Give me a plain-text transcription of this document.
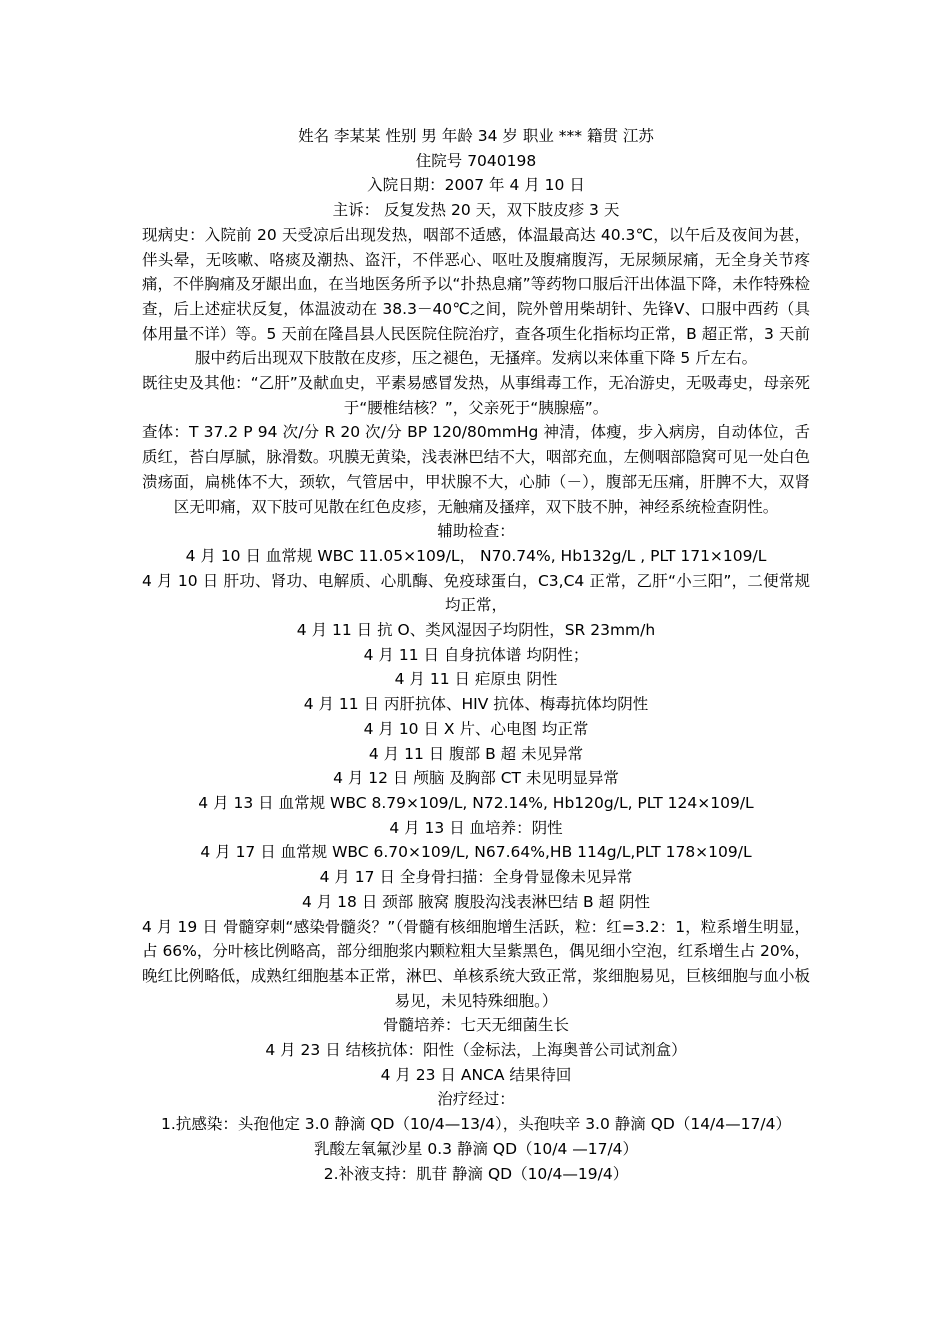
姓名 李某某 性别 男 年龄 34 岁 职业 *** 籍贯 江苏
住院号 7040198
入院日期：2007 年 4 月 10 日
主诉： 反复发热 20 天，双下肢皮疹 3 天
现病史：入院前 20 天受凉后出现发热，咽部不适感，体温最高达 40.3℃，以午后及夜间为甚，伴头晕，无咳嗽、咯痰及潮热、盗汗，不伴恶心、呕吐及腹痛腹泻，无尿频尿痛，无全身关节疼痛，不伴胸痛及牙龈出血，在当地医务所予以“扑热息痛”等药物口服后汗出体温下降，未作特殊检查，后上述症状反复，体温波动在 38.3－40℃之间，院外曾用柴胡针、先锋Ⅴ、口服中西药（具体用量不详）等。5 天前在隆昌县人民医院住院治疗，查各项生化指标均正常，B 超正常，3 天前服中药后出现双下肢散在皮疹，压之褪色，无搔痒。发病以来体重下降 5 斤左右。
既往史及其他：“乙肝”及献血史，平素易感冒发热，从事缉毒工作，无冶游史，无吸毒史，母亲死于“腰椎结核？”，父亲死于“胰腺癌”。
查体：T 37.2 P 94 次/分 R 20 次/分 BP 120/80mmHg 神清，体瘦，步入病房，自动体位，舌质红，苔白厚腻，脉滑数。巩膜无黄染，浅表淋巴结不大，咽部充血，左侧咽部隐窝可见一处白色溃疡面，扁桃体不大，颈软，气管居中，甲状腺不大，心肺（－），腹部无压痛，肝脾不大，双肾区无叩痛，双下肢可见散在红色皮疹，无触痛及搔痒，双下肢不肿，神经系统检查阴性。
辅助检查：
4 月 10 日 血常规 WBC 11.05×109/L， N70.74%, Hb132g/L , PLT 171×109/L
4 月 10 日 肝功、肾功、电解质、心肌酶、免疫球蛋白，C3,C4 正常，乙肝“小三阳”，二便常规均正常，
4 月 11 日 抗 O、类风湿因子均阴性，SR 23mm/h
4 月 11 日 自身抗体谱 均阴性；
4 月 11 日 疟原虫 阴性
4 月 11 日 丙肝抗体、HIV 抗体、梅毒抗体均阴性
4 月 10 日 X 片、心电图 均正常
4 月 11 日 腹部 B 超 未见异常
4 月 12 日 颅脑 及胸部 CT 未见明显异常
4 月 13 日 血常规 WBC 8.79×109/L, N72.14%, Hb120g/L, PLT 124×109/L
4 月 13 日 血培养：阴性
4 月 17 日 血常规 WBC 6.70×109/L, N67.64%,HB 114g/L,PLT 178×109/L
4 月 17 日 全身骨扫描：全身骨显像未见异常
4 月 18 日 颈部 腋窝 腹股沟浅表淋巴结 B 超 阴性
4 月 19 日 骨髓穿刺“感染骨髓炎？”（骨髓有核细胞增生活跃，粒：红=3.2：1，粒系增生明显，占 66%，分叶核比例略高，部分细胞浆内颗粒粗大呈紫黑色，偶见细小空泡，红系增生占 20%，晚红比例略低，成熟红细胞基本正常，淋巴、单核系统大致正常，浆细胞易见，巨核细胞与血小板易见，未见特殊细胞。）
骨髓培养：七天无细菌生长
4 月 23 日 结核抗体：阳性（金标法，上海奥普公司试剂盒）
4 月 23 日 ANCA 结果待回
治疗经过：
1.抗感染：头孢他定 3.0 静滴 QD（10/4—13/4），头孢呋辛 3.0 静滴 QD（14/4—17/4）
乳酸左氧氟沙星 0.3 静滴 QD（10/4 —17/4）
2.补液支持：肌苷 静滴 QD（10/4—19/4）
